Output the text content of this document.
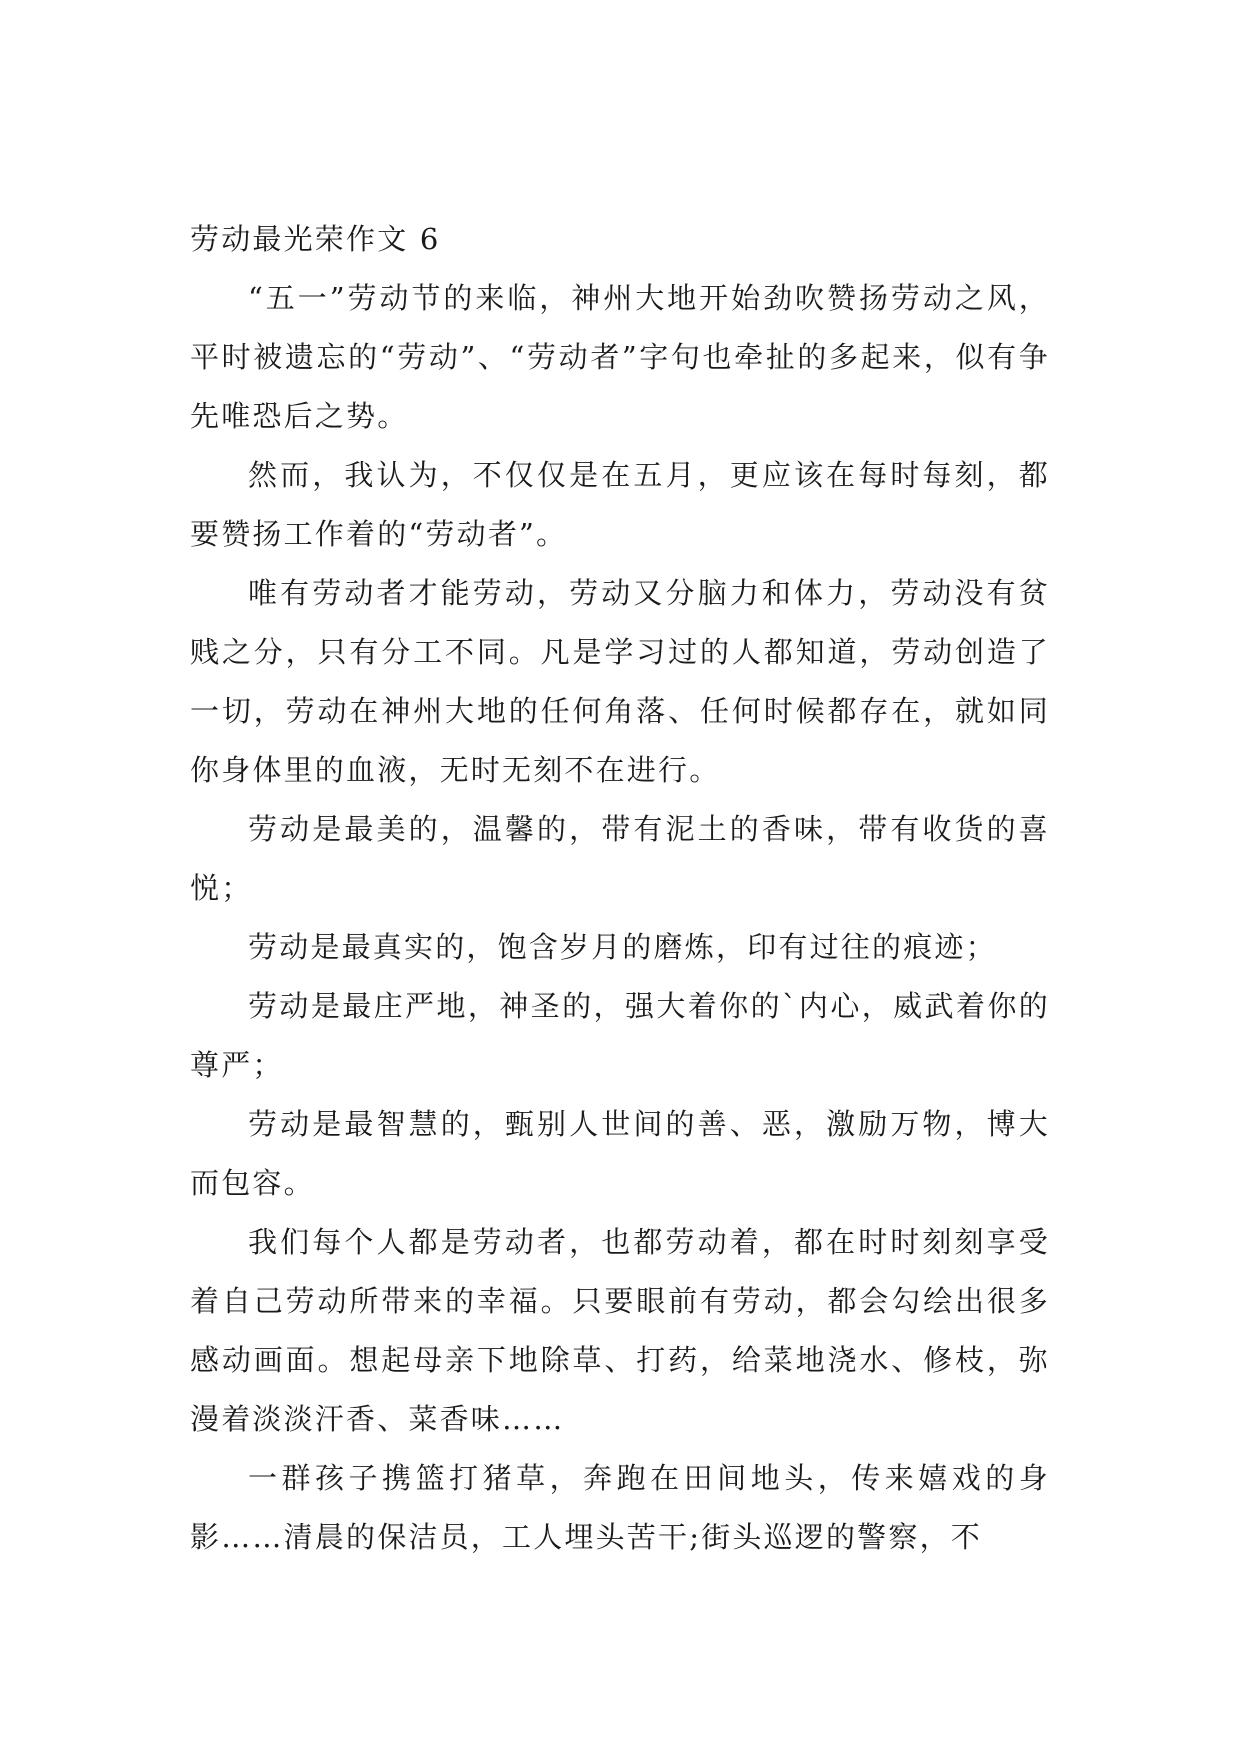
劳动最光荣作文 6

“五一”劳动节的来临，神州大地开始劲吹赞扬劳动之风，平时被遗忘的“劳动”、“劳动者”字句也牵扯的多起来，似有争先唯恐后之势。

然而，我认为，不仅仅是在五月，更应该在每时每刻，都要赞扬工作着的“劳动者”。

唯有劳动者才能劳动，劳动又分脑力和体力，劳动没有贫贱之分，只有分工不同。凡是学习过的人都知道，劳动创造了一切，劳动在神州大地的任何角落、任何时候都存在，就如同你身体里的血液，无时无刻不在进行。

劳动是最美的，温馨的，带有泥土的香味，带有收货的喜悦；

劳动是最真实的，饱含岁月的磨炼，印有过往的痕迹；

劳动是最庄严地，神圣的，强大着你的`内心，威武着你的尊严；

劳动是最智慧的，甄别人世间的善、恶，激励万物，博大而包容。

我们每个人都是劳动者，也都劳动着，都在时时刻刻享受着自己劳动所带来的幸福。只要眼前有劳动，都会勾绘出很多感动画面。想起母亲下地除草、打药，给菜地浇水、修枝，弥漫着淡淡汗香、菜香味……

一群孩子携篮打猪草，奔跑在田间地头，传来嬉戏的身影……清晨的保洁员，工人埋头苦干;街头巡逻的警察，不
